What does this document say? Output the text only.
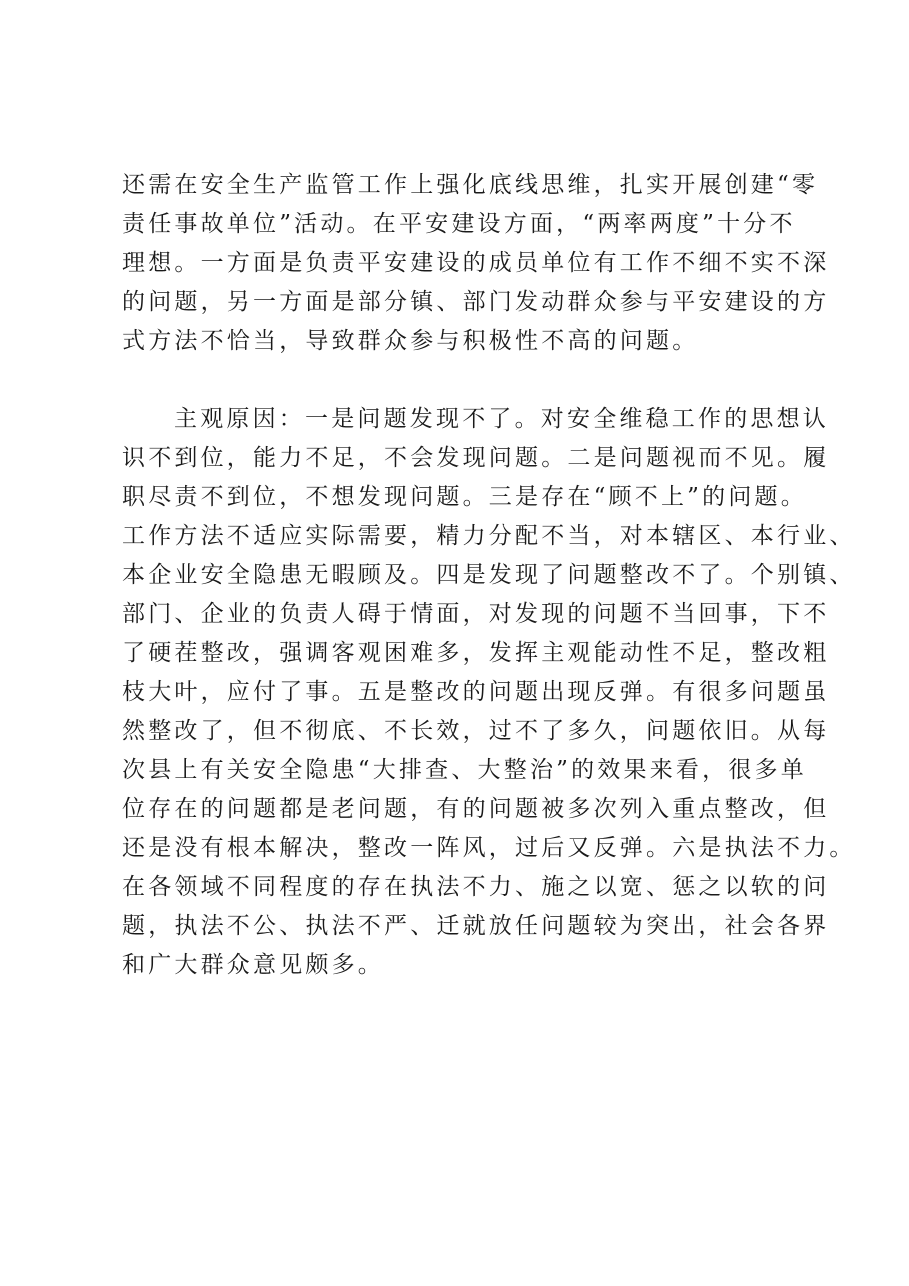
还需在安全生产监管工作上强化底线思维，扎实开展创建“零
责任事故单位”活动。在平安建设方面，“两率两度”十分不
理想。一方面是负责平安建设的成员单位有工作不细不实不深
的问题，另一方面是部分镇、部门发动群众参与平安建设的方
式方法不恰当，导致群众参与积极性不高的问题。
主观原因：一是问题发现不了。对安全维稳工作的思想认
识不到位，能力不足，不会发现问题。二是问题视而不见。履
职尽责不到位，不想发现问题。三是存在“顾不上”的问题。
工作方法不适应实际需要，精力分配不当，对本辖区、本行业、
本企业安全隐患无暇顾及。四是发现了问题整改不了。个别镇、
部门、企业的负责人碍于情面，对发现的问题不当回事，下不
了硬茬整改，强调客观困难多，发挥主观能动性不足，整改粗
枝大叶，应付了事。五是整改的问题出现反弹。有很多问题虽
然整改了，但不彻底、不长效，过不了多久，问题依旧。从每
次县上有关安全隐患“大排查、大整治”的效果来看，很多单
位存在的问题都是老问题，有的问题被多次列入重点整改，但
还是没有根本解决，整改一阵风，过后又反弹。六是执法不力。
在各领域不同程度的存在执法不力、施之以宽、惩之以软的问
题，执法不公、执法不严、迁就放任问题较为突出，社会各界
和广大群众意见颇多。
